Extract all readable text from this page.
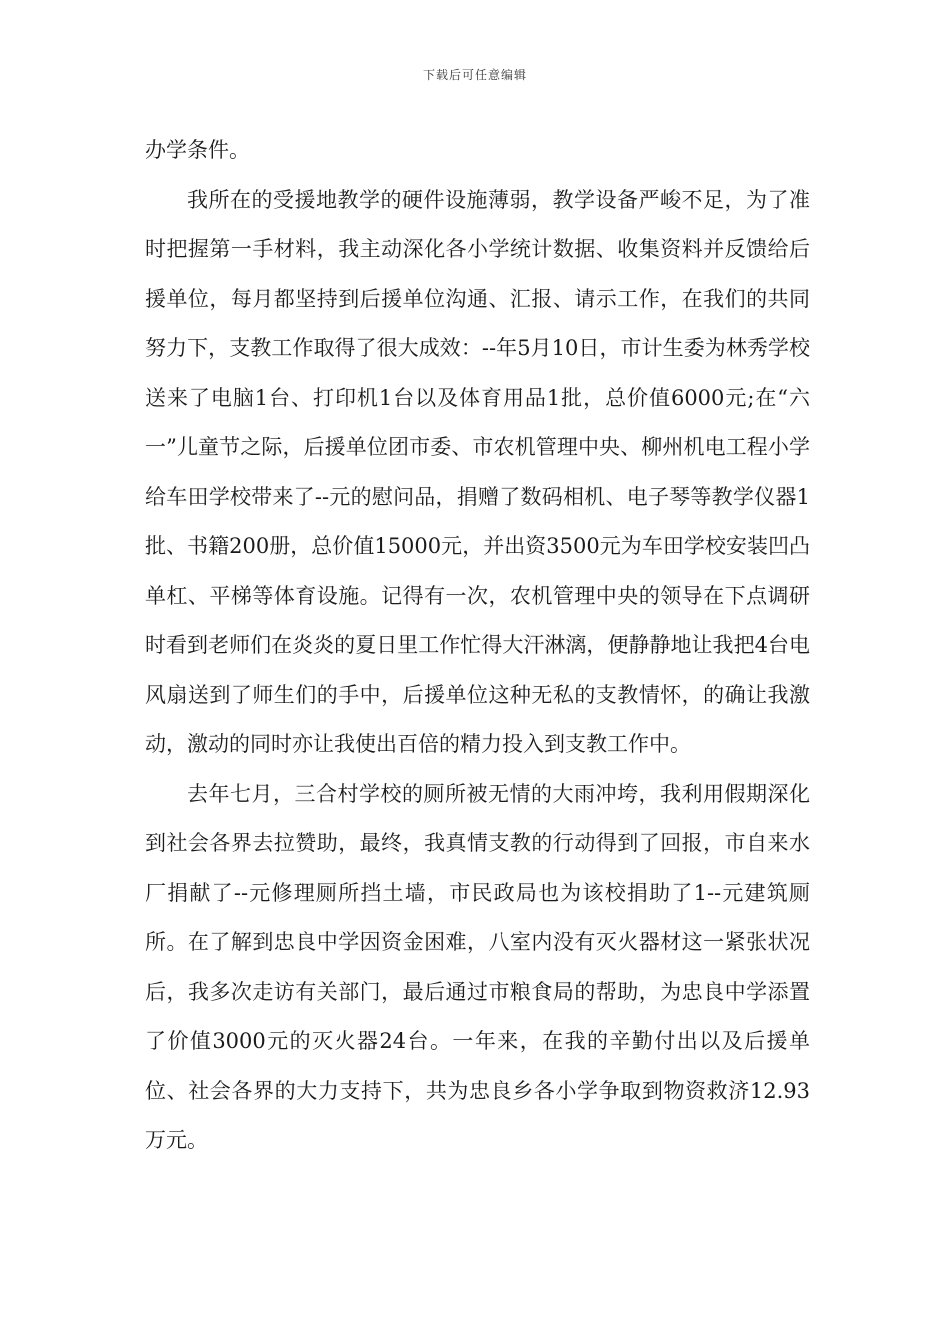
下载后可任意编辑

办学条件。

我所在的受援地教学的硬件设施薄弱，教学设备严峻不足，为了准时把握第一手材料，我主动深化各小学统计数据、收集资料并反馈给后援单位，每月都坚持到后援单位沟通、汇报、请示工作，在我们的共同努力下，支教工作取得了很大成效：--年5月10日，市计生委为林秀学校送来了电脑1台、打印机1台以及体育用品1批，总价值6000元;在“六一”儿童节之际，后援单位团市委、市农机管理中央、柳州机电工程小学给车田学校带来了--元的慰问品，捐赠了数码相机、电子琴等教学仪器1批、书籍200册，总价值15000元，并出资3500元为车田学校安装凹凸单杠、平梯等体育设施。记得有一次，农机管理中央的领导在下点调研时看到老师们在炎炎的夏日里工作忙得大汗淋漓，便静静地让我把4台电风扇送到了师生们的手中，后援单位这种无私的支教情怀，的确让我激动，激动的同时亦让我使出百倍的精力投入到支教工作中。

去年七月，三合村学校的厕所被无情的大雨冲垮，我利用假期深化到社会各界去拉赞助，最终，我真情支教的行动得到了回报，市自来水厂捐献了--元修理厕所挡土墙，市民政局也为该校捐助了1--元建筑厕所。在了解到忠良中学因资金困难，八室内没有灭火器材这一紧张状况后，我多次走访有关部门，最后通过市粮食局的帮助，为忠良中学添置了价值3000元的灭火器24台。一年来，在我的辛勤付出以及后援单位、社会各界的大力支持下，共为忠良乡各小学争取到物资救济12.93万元。
